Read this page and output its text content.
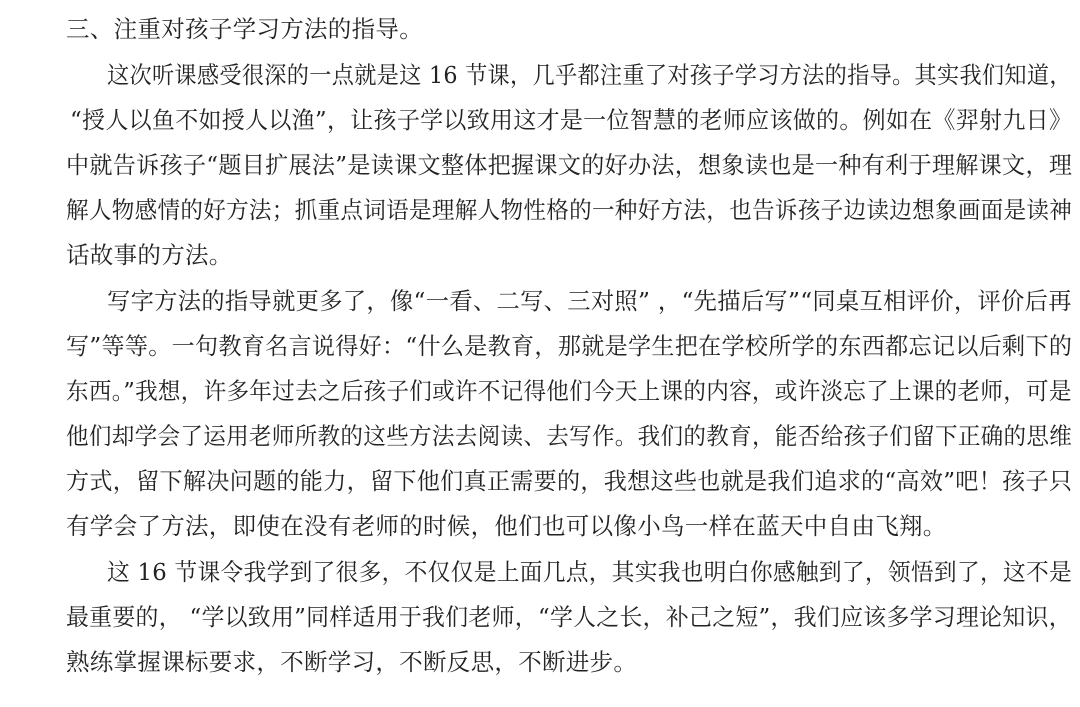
三、注重对孩子学习方法的指导。
这次听课感受很深的一点就是这 16 节课，几乎都注重了对孩子学习方法的指导。其实我们知道，
“授人以鱼不如授人以渔”，让孩子学以致用这才是一位智慧的老师应该做的。例如在《羿射九日》
中就告诉孩子“题目扩展法”是读课文整体把握课文的好办法，想象读也是一种有利于理解课文，理
解人物感情的好方法；抓重点词语是理解人物性格的一种好方法，也告诉孩子边读边想象画面是读神
话故事的方法。
写字方法的指导就更多了，像“一看、二写、三对照” ，“先描后写”“同桌互相评价，评价后再
写”等等。一句教育名言说得好：“什么是教育，那就是学生把在学校所学的东西都忘记以后剩下的
东西。”我想，许多年过去之后孩子们或许不记得他们今天上课的内容，或许淡忘了上课的老师，可是
他们却学会了运用老师所教的这些方法去阅读、去写作。我们的教育，能否给孩子们留下正确的思维
方式，留下解决问题的能力，留下他们真正需要的，我想这些也就是我们追求的“高效”吧！孩子只
有学会了方法，即使在没有老师的时候，他们也可以像小鸟一样在蓝天中自由飞翔。
这 16 节课令我学到了很多，不仅仅是上面几点，其实我也明白你感触到了，领悟到了，这不是
最重要的， “学以致用”同样适用于我们老师，“学人之长，补己之短”，我们应该多学习理论知识，
熟练掌握课标要求，不断学习，不断反思，不断进步。
